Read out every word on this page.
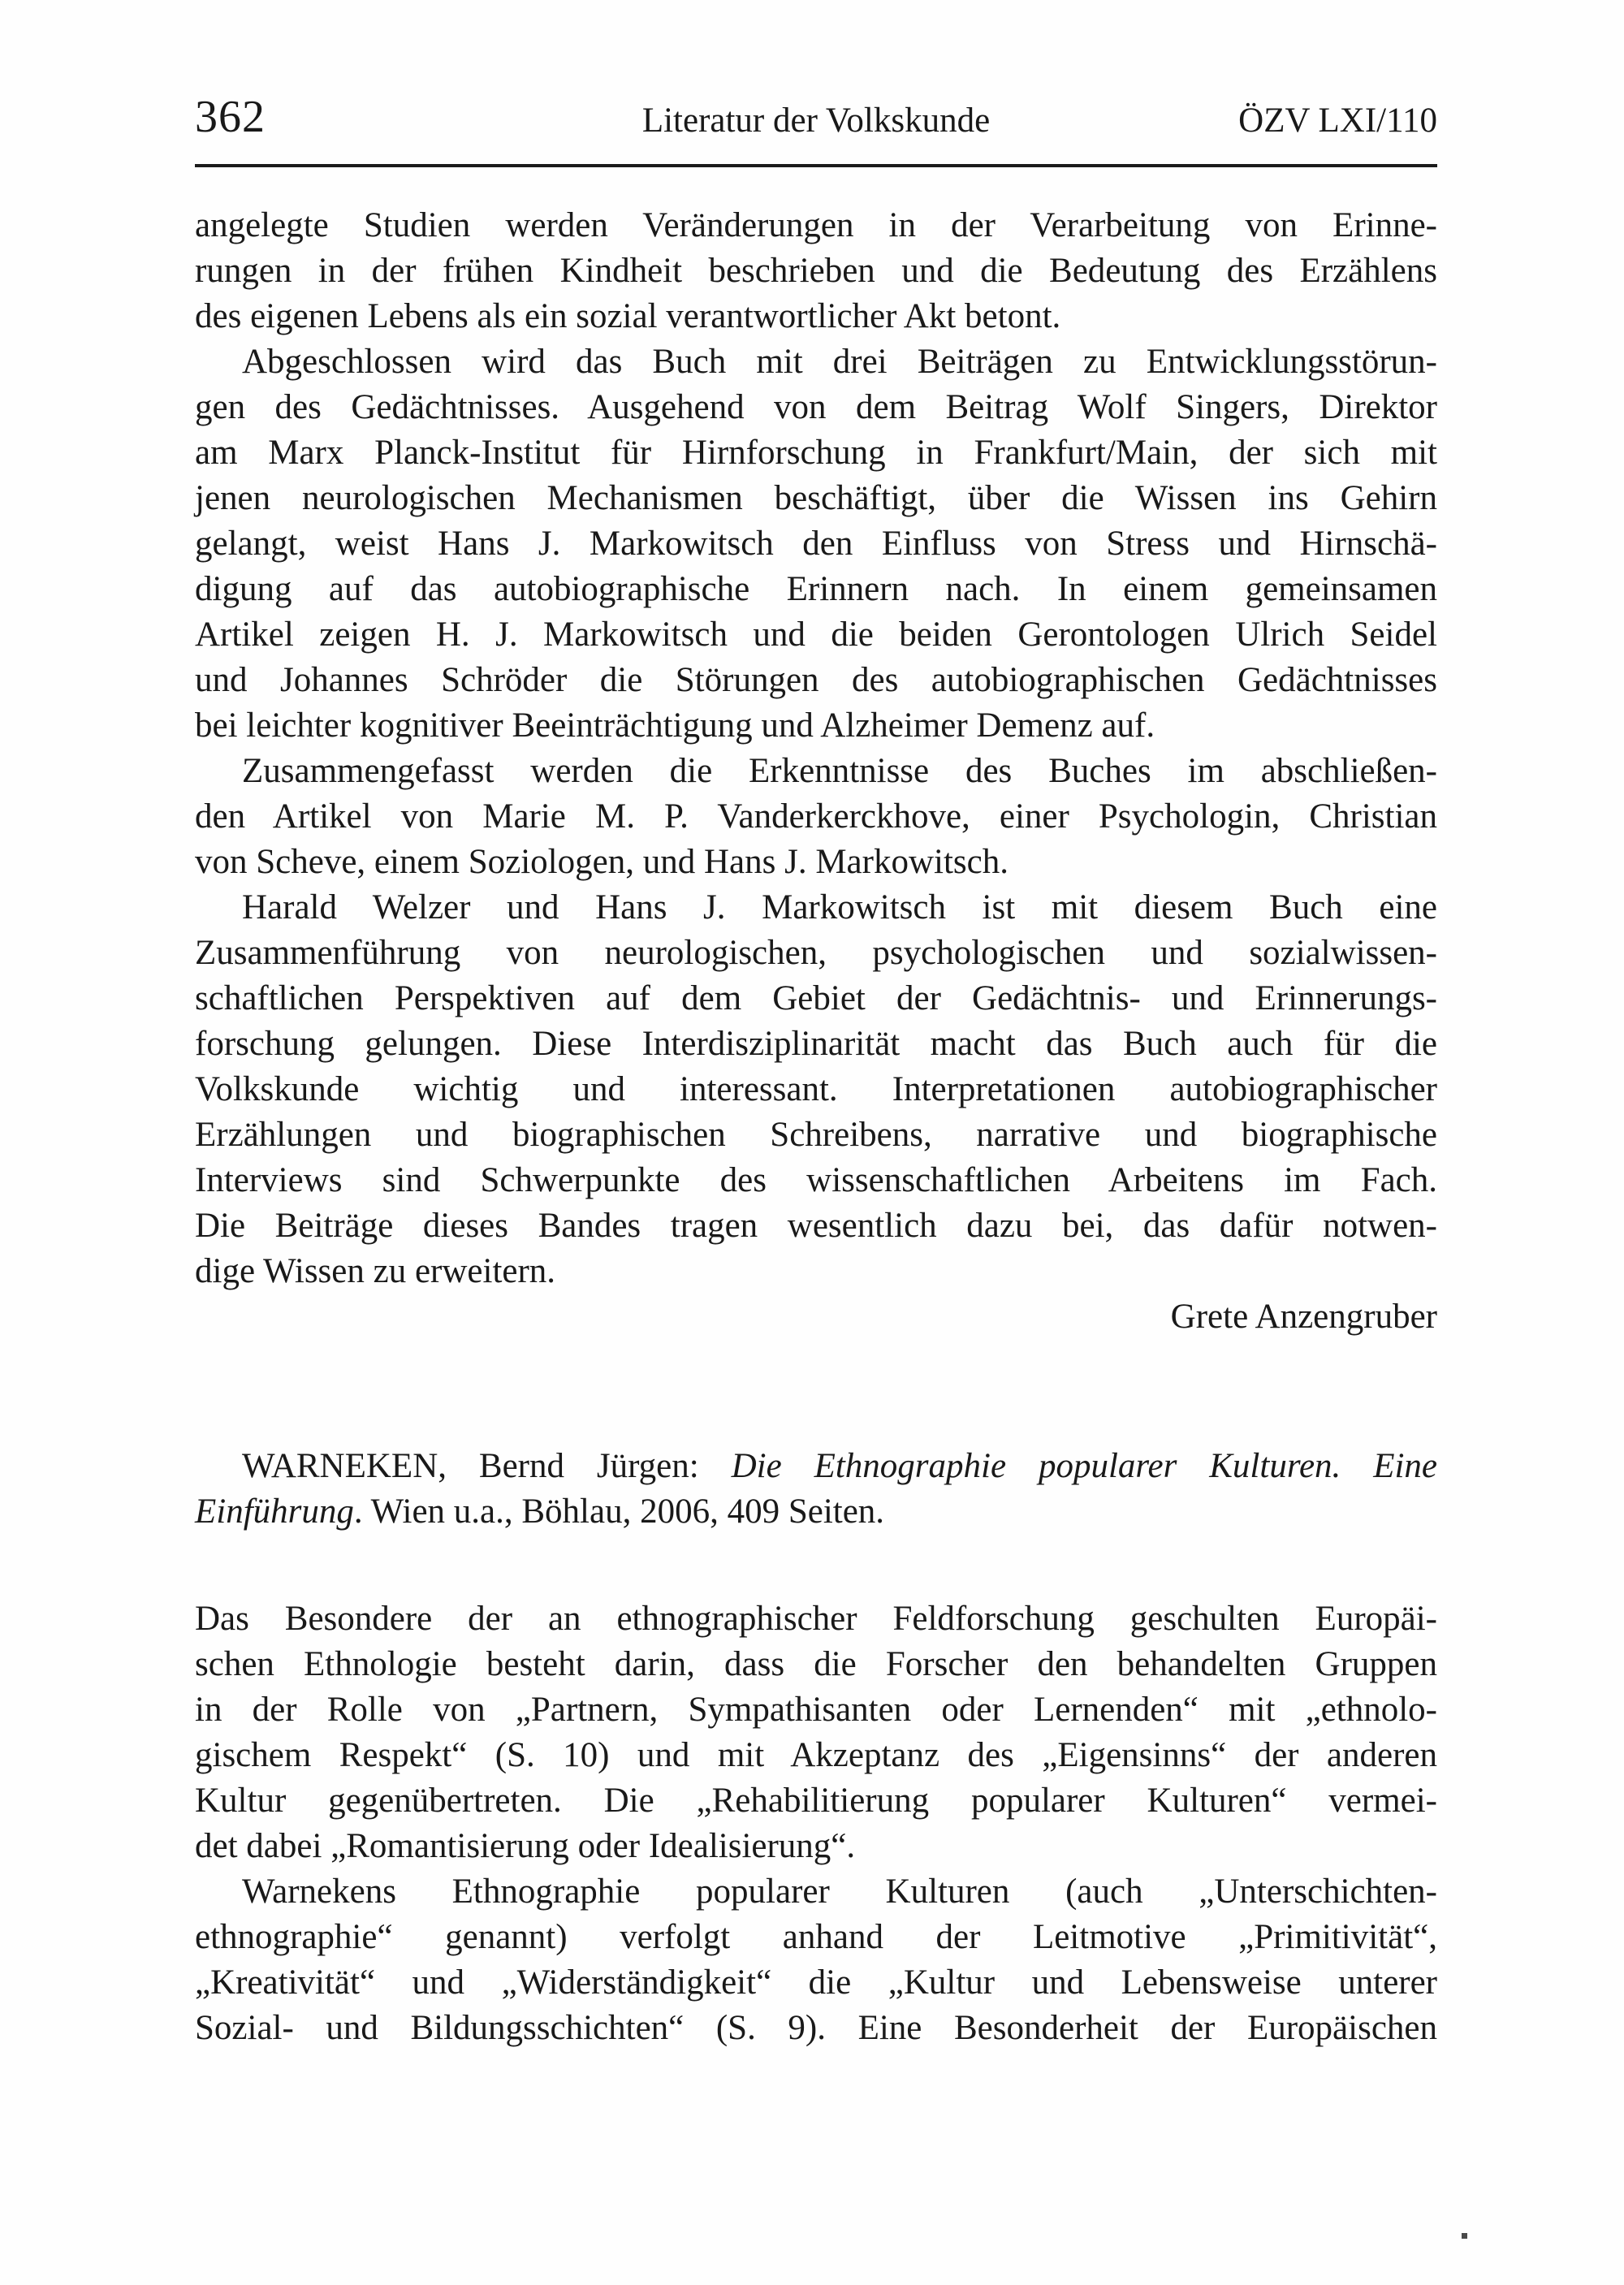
362	Literatur der Volkskunde	ÖZV LXI/110
angelegte Studien werden Veränderungen in der Verarbeitung von Erinne-
rungen in der frühen Kindheit beschrieben und die Bedeutung des Erzählens
des eigenen Lebens als ein sozial verantwortlicher Akt betont.
Abgeschlossen wird das Buch mit drei Beiträgen zu Entwicklungsstörun-
gen des Gedächtnisses. Ausgehend von dem Beitrag Wolf Singers, Direktor
am Marx Planck-Institut für Hirnforschung in Frankfurt/Main, der sich mit
jenen neurologischen Mechanismen beschäftigt, über die Wissen ins Gehirn
gelangt, weist Hans J. Markowitsch den Einfluss von Stress und Hirnschä-
digung auf das autobiographische Erinnern nach. In einem gemeinsamen
Artikel zeigen H. J. Markowitsch und die beiden Gerontologen Ulrich Seidel
und Johannes Schröder die Störungen des autobiographischen Gedächtnisses
bei leichter kognitiver Beeinträchtigung und Alzheimer Demenz auf.
Zusammengefasst werden die Erkenntnisse des Buches im abschließen-
den Artikel von Marie M. P. Vanderkerckhove, einer Psychologin, Christian
von Scheve, einem Soziologen, und Hans J. Markowitsch.
Harald Welzer und Hans J. Markowitsch ist mit diesem Buch eine
Zusammenführung von neurologischen, psychologischen und sozialwissen-
schaftlichen Perspektiven auf dem Gebiet der Gedächtnis- und Erinnerungs-
forschung gelungen. Diese Interdisziplinarität macht das Buch auch für die
Volkskunde wichtig und interessant. Interpretationen autobiographischer
Erzählungen und biographischen Schreibens, narrative und biographische
Interviews sind Schwerpunkte des wissenschaftlichen Arbeitens im Fach.
Die Beiträge dieses Bandes tragen wesentlich dazu bei, das dafür notwen-
dige Wissen zu erweitern.
Grete Anzengruber
WARNEKEN, Bernd Jürgen: Die Ethnographie popularer Kulturen. Eine
Einführung. Wien u.a., Böhlau, 2006, 409 Seiten.
Das Besondere der an ethnographischer Feldforschung geschulten Europäi-
schen Ethnologie besteht darin, dass die Forscher den behandelten Gruppen
in der Rolle von „Partnern, Sympathisanten oder Lernenden“ mit „ethnolo-
gischem Respekt“ (S. 10) und mit Akzeptanz des „Eigensinns“ der anderen
Kultur gegenübertreten. Die „Rehabilitierung popularer Kulturen“ vermei-
det dabei „Romantisierung oder Idealisierung“.
Warnekens Ethnographie popularer Kulturen (auch „Unterschichten-
ethnographie“ genannt) verfolgt anhand der Leitmotive „Primitivität“,
„Kreativität“ und „Widerständigkeit“ die „Kultur und Lebensweise unterer
Sozial- und Bildungsschichten“ (S. 9). Eine Besonderheit der Europäischen
